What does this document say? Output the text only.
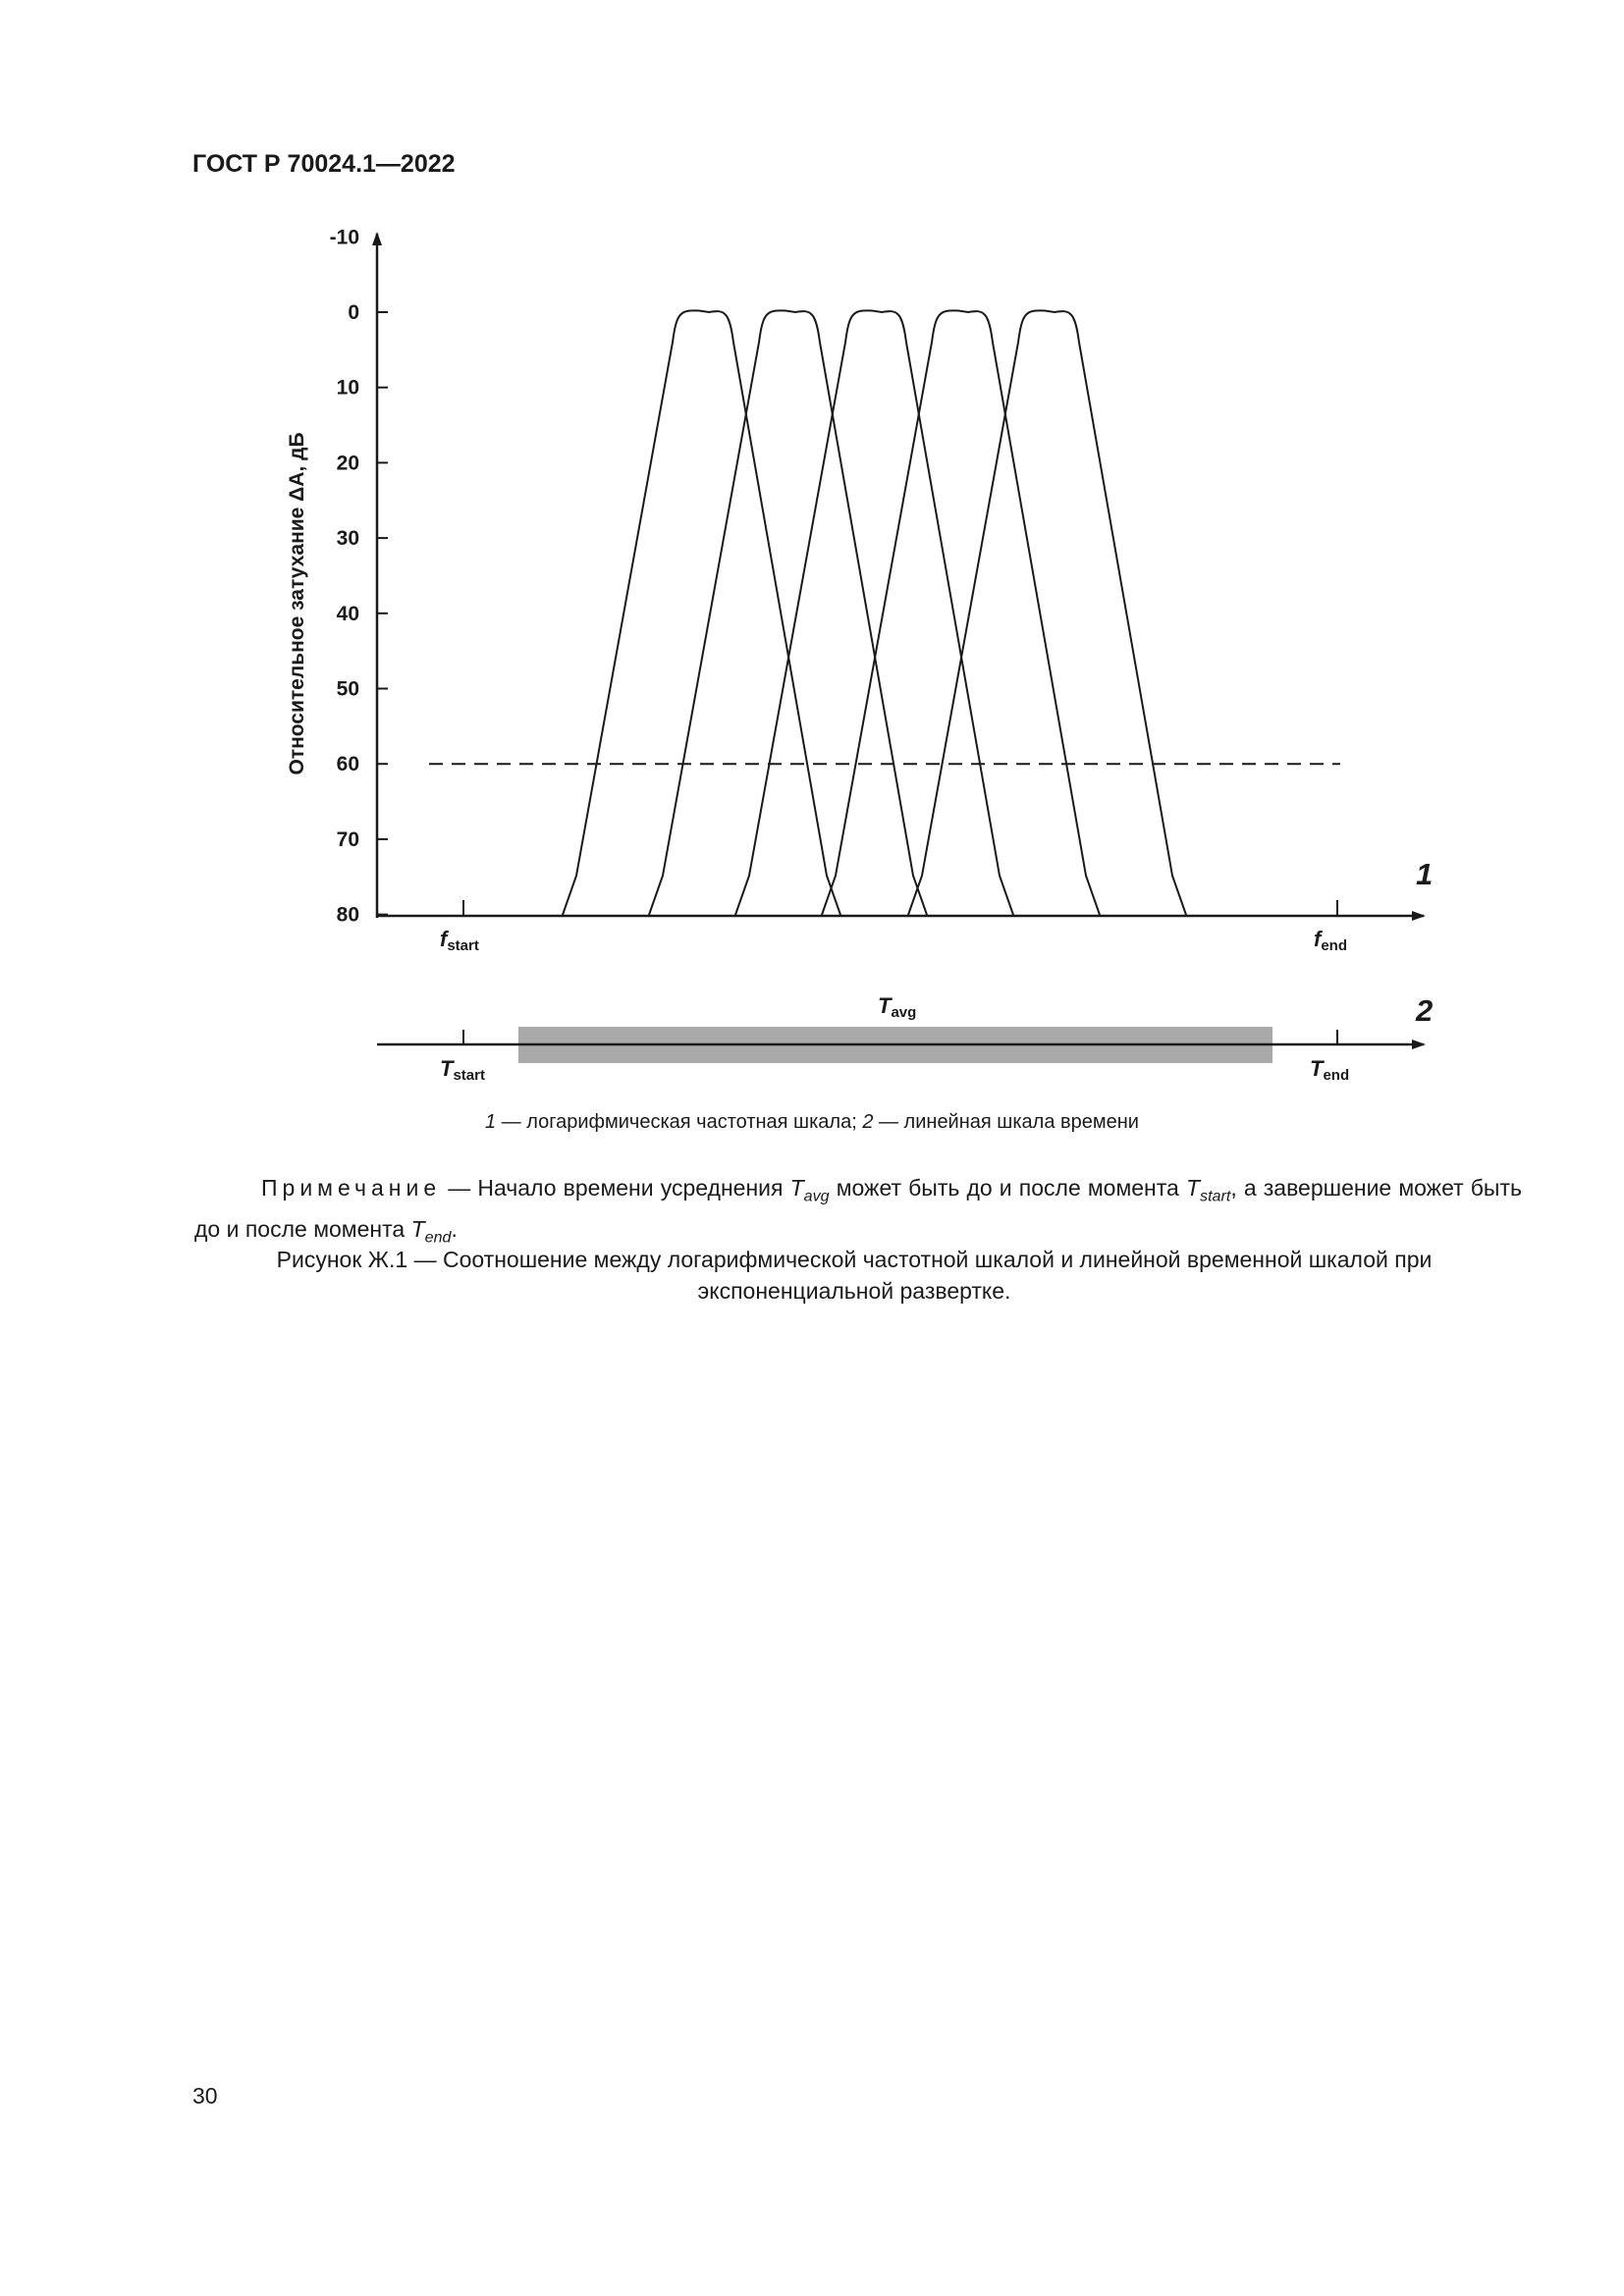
ГОСТ Р 70024.1—2022
-10
0
10
20
30
40
50
60
70
80
Относительное затухание ΔA, дБ
fstart	fend
1
Tavg
Tstart	Tend
2
1 — логарифмическая частотная шкала; 2 — линейная шкала времени
Примечание — Начало времени усреднения $T_{avg}$ может быть до и после момента $T_{start}$, а завершение может быть до и после момента $T_{end}$.
Рисунок Ж.1 — Соотношение между логарифмической частотной шкалой и линейной временной шкалой при
экспоненциальной развертке.
30
